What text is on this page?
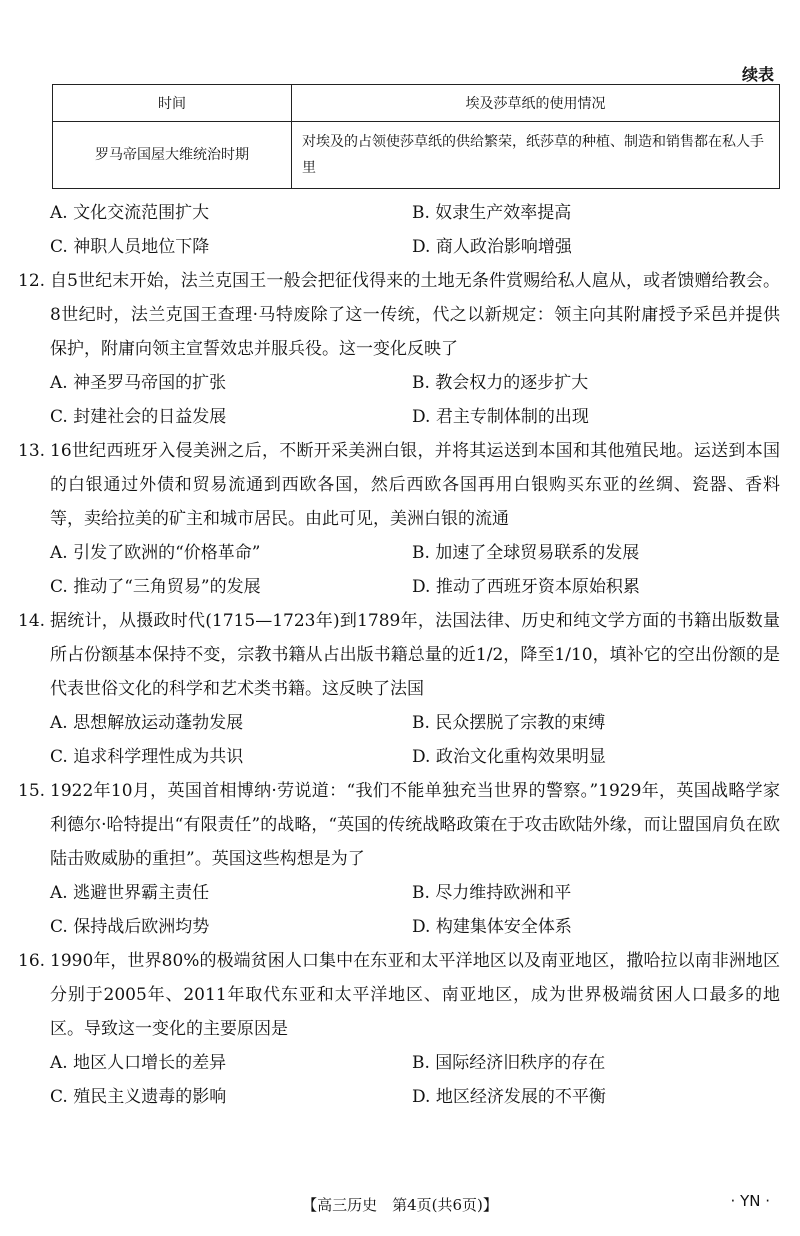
续表
时间	埃及莎草纸的使用情况
罗马帝国屋大维统治时期	对埃及的占领使莎草纸的供给繁荣，纸莎草的种植、制造和销售都在私人手里
A. 文化交流范围扩大	B. 奴隶生产效率提高
C. 神职人员地位下降	D. 商人政治影响增强
12. 自5世纪末开始，法兰克国王一般会把征伐得来的土地无条件赏赐给私人扈从，或者馈赠给教会。8世纪时，法兰克国王查理·马特废除了这一传统，代之以新规定：领主向其附庸授予采邑并提供保护，附庸向领主宣誓效忠并服兵役。这一变化反映了
A. 神圣罗马帝国的扩张	B. 教会权力的逐步扩大
C. 封建社会的日益发展	D. 君主专制体制的出现
13. 16世纪西班牙入侵美洲之后，不断开采美洲白银，并将其运送到本国和其他殖民地。运送到本国的白银通过外债和贸易流通到西欧各国，然后西欧各国再用白银购买东亚的丝绸、瓷器、香料等，卖给拉美的矿主和城市居民。由此可见，美洲白银的流通
A. 引发了欧洲的“价格革命”	B. 加速了全球贸易联系的发展
C. 推动了“三角贸易”的发展	D. 推动了西班牙资本原始积累
14. 据统计，从摄政时代(1715—1723年)到1789年，法国法律、历史和纯文学方面的书籍出版数量所占份额基本保持不变，宗教书籍从占出版书籍总量的近1/2，降至1/10，填补它的空出份额的是代表世俗文化的科学和艺术类书籍。这反映了法国
A. 思想解放运动蓬勃发展	B. 民众摆脱了宗教的束缚
C. 追求科学理性成为共识	D. 政治文化重构效果明显
15. 1922年10月，英国首相博纳·劳说道：“我们不能单独充当世界的警察。”1929年，英国战略学家利德尔·哈特提出“有限责任”的战略，“英国的传统战略政策在于攻击欧陆外缘，而让盟国肩负在欧陆击败威胁的重担”。英国这些构想是为了
A. 逃避世界霸主责任	B. 尽力维持欧洲和平
C. 保持战后欧洲均势	D. 构建集体安全体系
16. 1990年，世界80%的极端贫困人口集中在东亚和太平洋地区以及南亚地区，撒哈拉以南非洲地区分别于2005年、2011年取代东亚和太平洋地区、南亚地区，成为世界极端贫困人口最多的地区。导致这一变化的主要原因是
A. 地区人口增长的差异	B. 国际经济旧秩序的存在
C. 殖民主义遗毒的影响	D. 地区经济发展的不平衡
【高三历史　第4页(共6页)】	· YN ·
